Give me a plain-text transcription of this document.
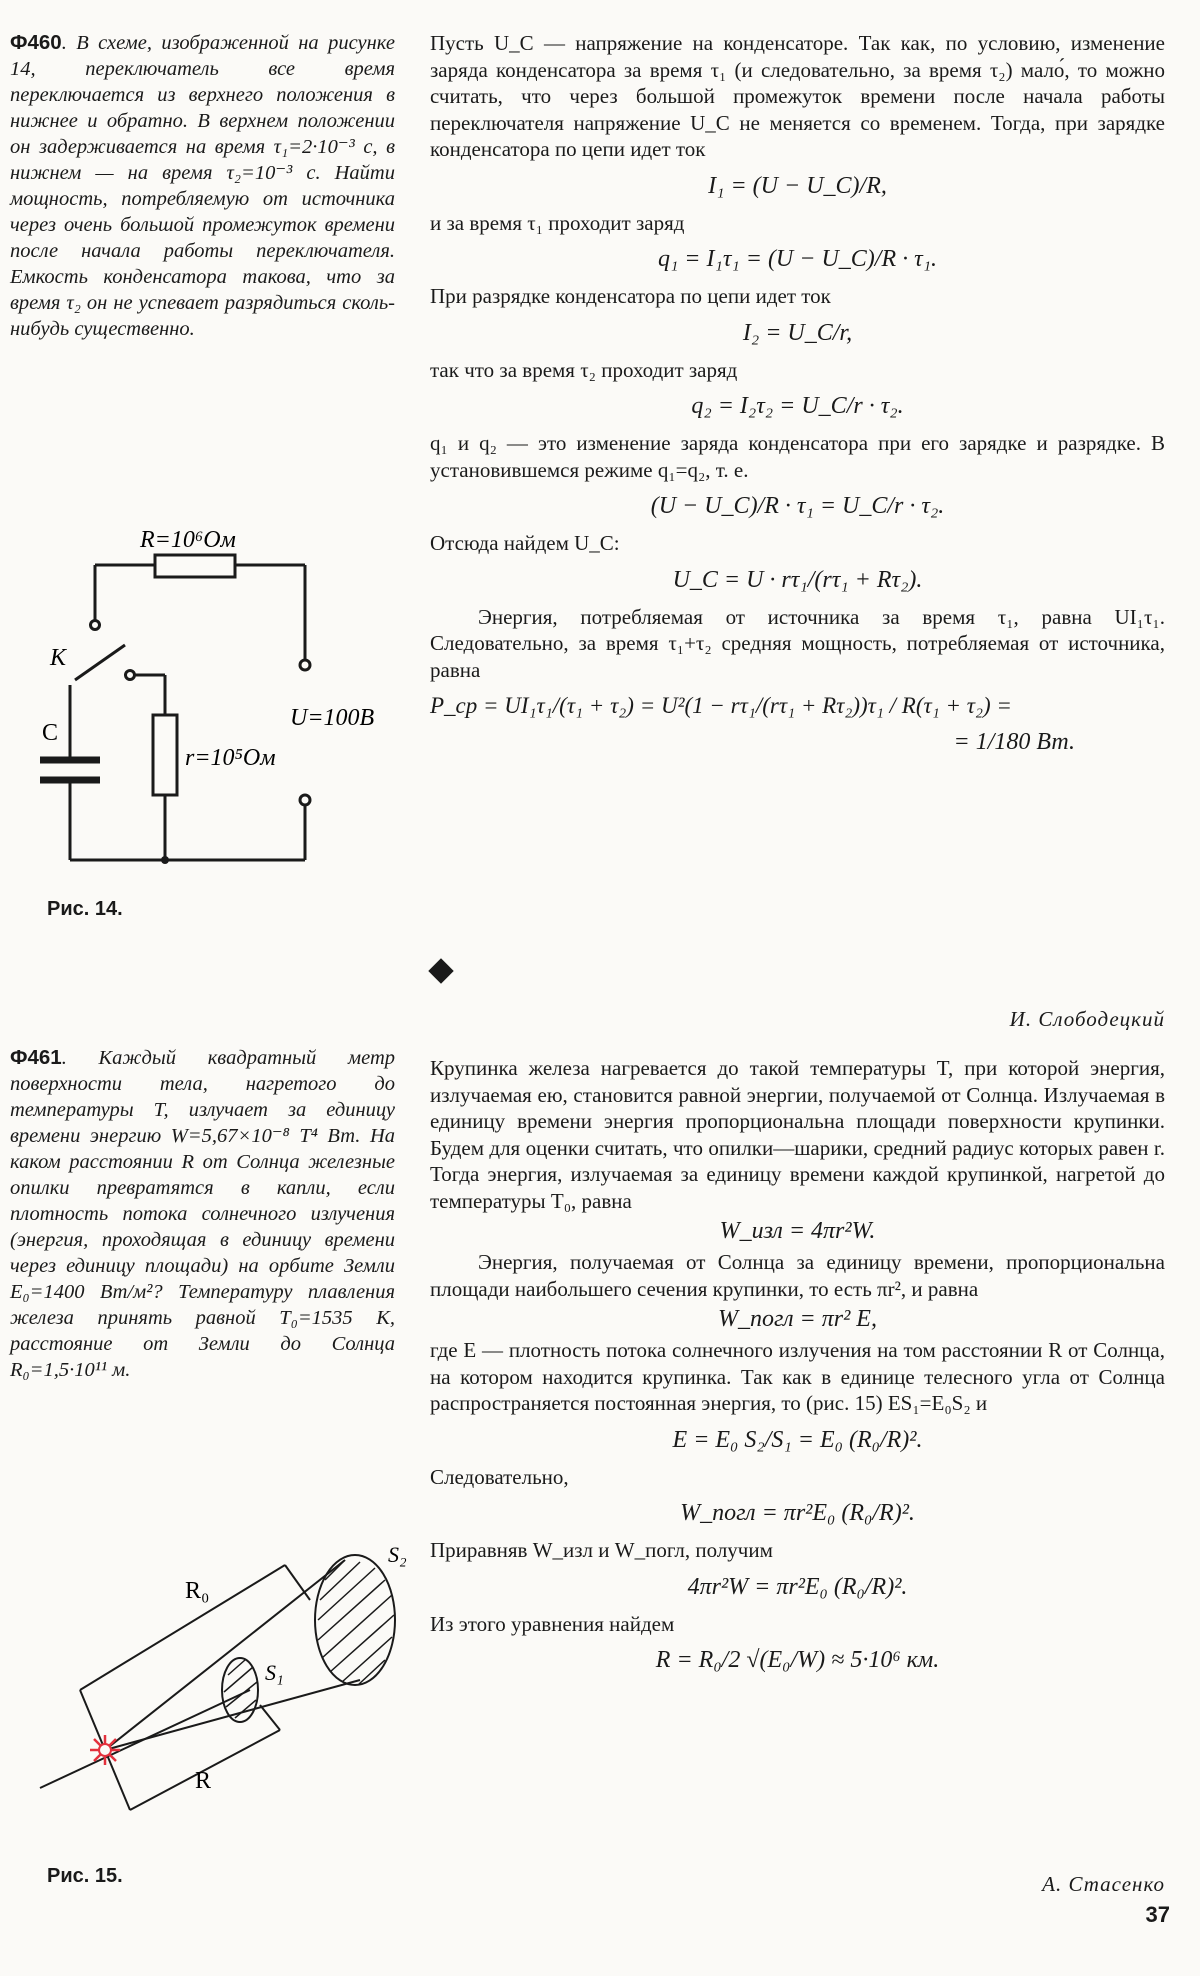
Ф460. В схеме, изображенной на рисунке 14, переключатель все время переключается из верхнего положения в нижнее и обратно. В верхнем положении он задерживается на время τ₁=2·10⁻³ с, в нижнем — на время τ₂=10⁻³ с. Найти мощность, потребляемую от источника через очень большой промежуток времени после начала работы переключателя. Емкость конденсатора такова, что за время τ₂ он не успевает разрядиться сколь-нибудь существенно.

R=10⁶Ом
K
C
U=100В
r=10⁵Ом
Рис. 14.

Пусть U_C — напряжение на конденсаторе. Так как, по условию, изменение заряда конденсатора за время τ₁ (и следовательно, за время τ₂) мало́, то можно считать, что через большой промежуток времени после начала работы переключателя напряжение U_C не меняется со временем. Тогда, при зарядке конденсатора по цепи идет ток

I₁ = (U − U_C)/R,

и за время τ₁ проходит заряд

q₁ = I₁τ₁ = (U − U_C)/R · τ₁.

При разрядке конденсатора по цепи идет ток

I₂ = U_C/r,

так что за время τ₂ проходит заряд

q₂ = I₂τ₂ = U_C/r · τ₂.

q₁ и q₂ — это изменение заряда конденсатора при его зарядке и разрядке. В установившемся режиме q₁=q₂, т. е.

(U − U_C)/R · τ₁ = U_C/r · τ₂.

Отсюда найдем U_C:

U_C = U · rτ₁/(rτ₁ + Rτ₂).

Энергия, потребляемая от источника за время τ₁, равна UI₁τ₁. Следовательно, за время τ₁+τ₂ средняя мощность, потребляемая от источника, равна

P_ср = UI₁τ₁/(τ₁ + τ₂) = U²(1 − rτ₁/(rτ₁ + Rτ₂))τ₁ / R(τ₁ + τ₂) =
= 1/180 Вт.
И. Слободецкий

Ф461. Каждый квадратный метр поверхности тела, нагретого до температуры T, излучает за единицу времени энергию W=5,67×10⁻⁸ T⁴ Вт. На каком расстоянии R от Солнца железные опилки превратятся в капли, если плотность потока солнечного излучения (энергия, проходящая в единицу времени через единицу площади) на орбите Земли E₀=1400 Вт/м²? Температуру плавления железа принять равной T₀=1535 К, расстояние от Земли до Солнца R₀=1,5·10¹¹ м.

R₀
R
S₁
S₂
Рис. 15.

Крупинка железа нагревается до такой температуры T, при которой энергия, излучаемая ею, становится равной энергии, получаемой от Солнца. Излучаемая в единицу времени энергия пропорциональна площади поверхности крупинки. Будем для оценки считать, что опилки—шарики, средний радиус которых равен r. Тогда энергия, излучаемая за единицу времени каждой крупинкой, нагретой до температуры T₀, равна

W_изл = 4πr²W.

Энергия, получаемая от Солнца за единицу времени, пропорциональна площади наибольшего сечения крупинки, то есть πr², и равна

W_погл = πr² E,

где E — плотность потока солнечного излучения на том расстоянии R от Солнца, на котором находится крупинка. Так как в единице телесного угла от Солнца распространяется постоянная энергия, то (рис. 15) ES₁=E₀S₂ и

E = E₀ S₂/S₁ = E₀ (R₀/R)².

Следовательно,

W_погл = πr²E₀ (R₀/R)².

Приравняв W_изл и W_погл, получим

4πr²W = πr²E₀ (R₀/R)².

Из этого уравнения найдем

R = R₀/2 √(E₀/W) ≈ 5·10⁶ км.
А. Стасенко
37
